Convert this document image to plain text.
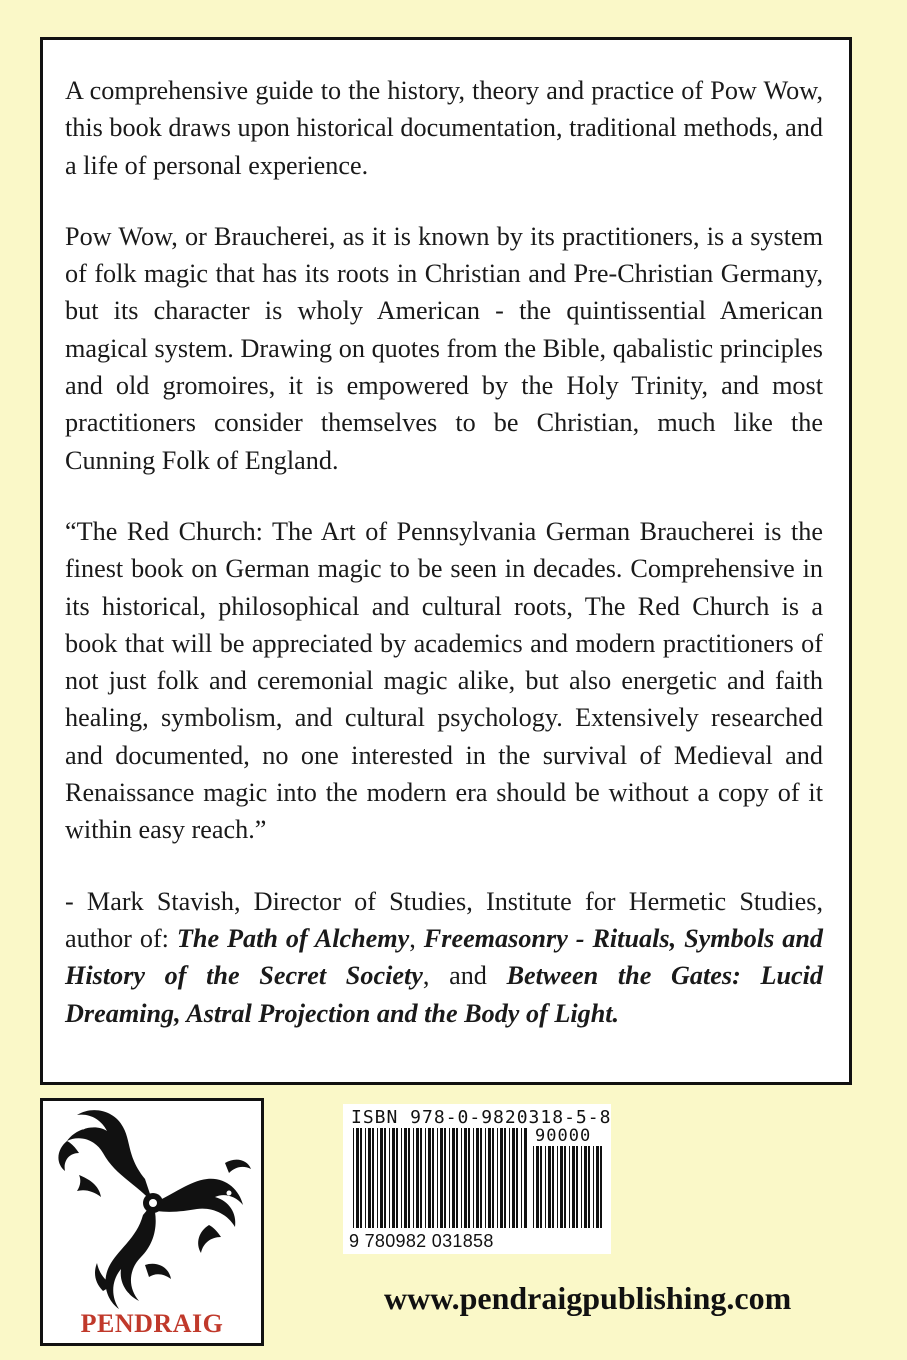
A comprehensive guide to the history, theory and practice of Pow Wow, this book draws upon historical documentation, traditional methods, and a life of personal experience.

Pow Wow, or Braucherei, as it is known by its practitioners, is a system of folk magic that has its roots in Christian and Pre-Christian Germany, but its character is wholy American - the quintissential American magical system. Drawing on quotes from the Bible, qabalistic principles and old gromoires, it is empowered by the Holy Trinity, and most practitioners consider themselves to be Christian, much like the Cunning Folk of England.

“The Red Church: The Art of Pennsylvania German Braucherei is the finest book on German magic to be seen in decades. Comprehensive in its historical, philosophical and cultural roots, The Red Church is a book that will be appreciated by academics and modern practitioners of not just folk and ceremonial magic alike, but also energetic and faith healing, symbolism, and cultural psychology. Extensively researched and documented, no one interested in the survival of Medieval and Renaissance magic into the modern era should be without a copy of it within easy reach.”

- Mark Stavish, Director of Studies, Institute for Hermetic Studies, author of: The Path of Alchemy, Freemasonry - Rituals, Symbols and History of the Secret Society, and Between the Gates: Lucid Dreaming, Astral Projection and the Body of Light.

PENDRAIG
ISBN 978-0-9820318-5-8
90000
9 780982 031858
www.pendraigpublishing.com
